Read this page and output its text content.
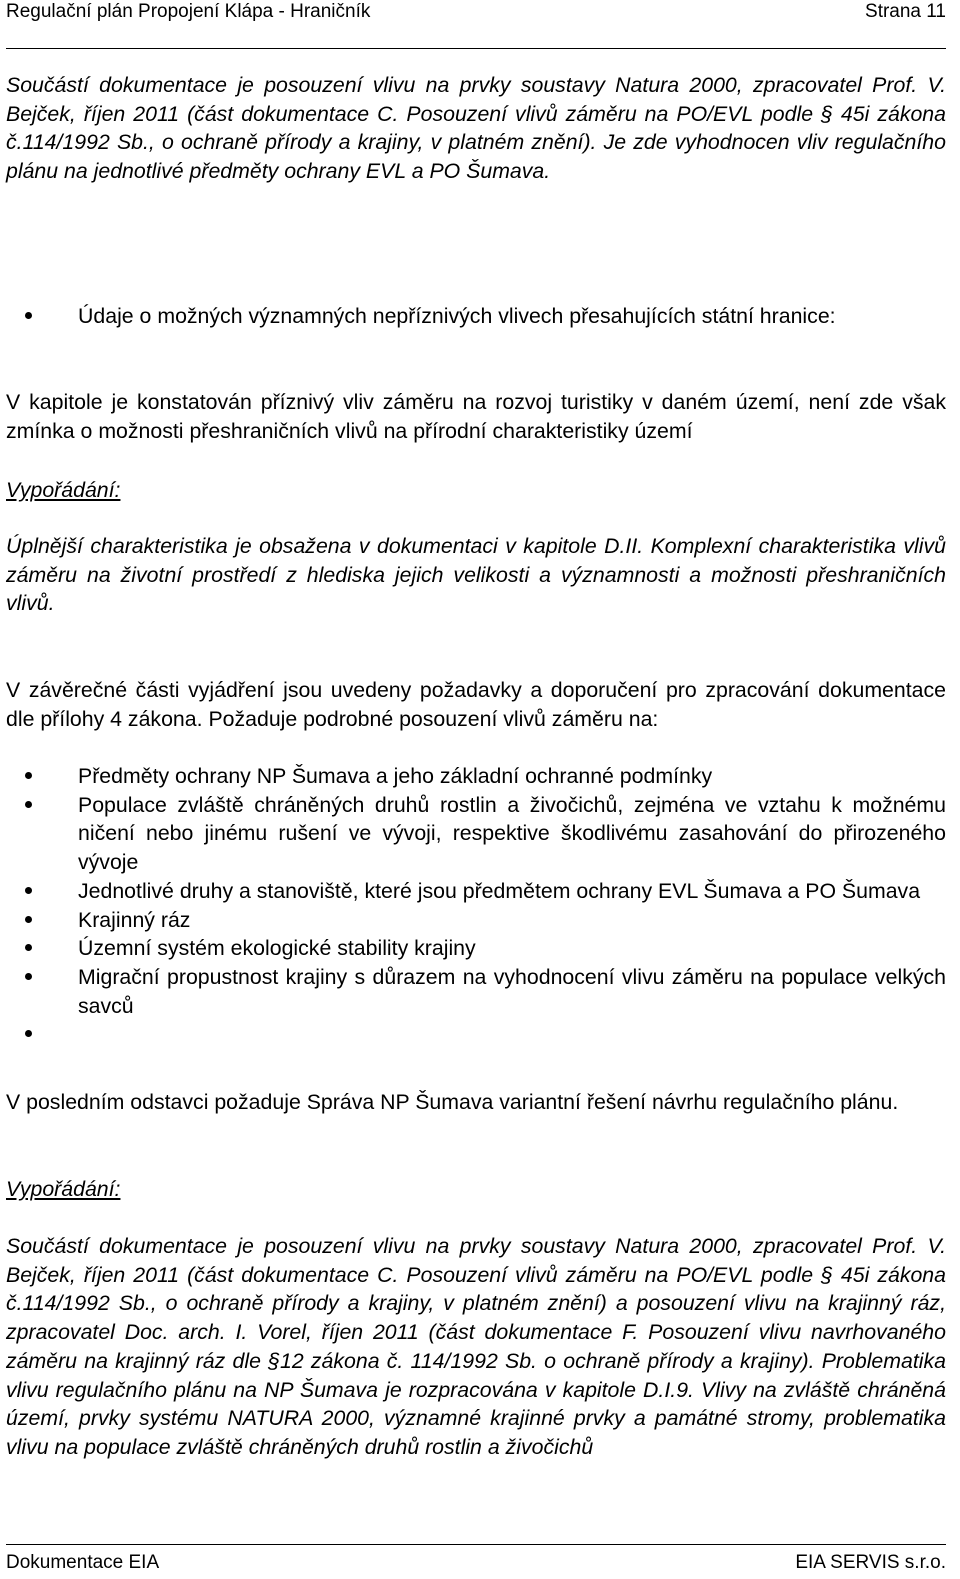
Regulační plán Propojení Klápa - Hraničník	Strana 11
Součástí dokumentace je posouzení vlivu na prvky soustavy Natura 2000, zpracovatel Prof. V. Bejček, říjen 2011 (část dokumentace C. Posouzení vlivů záměru na PO/EVL podle § 45i zákona č.114/1992 Sb., o ochraně přírody a krajiny, v platném znění). Je zde vyhodnocen vliv regulačního plánu na jednotlivé předměty ochrany EVL a PO Šumava.
Údaje o možných významných nepříznivých vlivech přesahujících státní hranice:
V kapitole je konstatován příznivý vliv záměru na rozvoj turistiky v daném území, není zde však zmínka o možnosti přeshraničních vlivů na přírodní charakteristiky území
Vypořádání:
Úplnější charakteristika je obsažena v dokumentaci v kapitole D.II. Komplexní charakteristika vlivů záměru na životní prostředí z hlediska jejich velikosti a významnosti a možnosti přeshraničních vlivů.
V závěrečné části vyjádření jsou uvedeny požadavky a doporučení pro zpracování dokumentace dle přílohy 4 zákona. Požaduje podrobné posouzení vlivů záměru na:
Předměty ochrany NP Šumava a jeho základní ochranné podmínky
Populace zvláště chráněných druhů rostlin a živočichů, zejména ve vztahu k možnému ničení nebo jinému rušení ve vývoji, respektive škodlivému zasahování do přirozeného vývoje
Jednotlivé druhy a stanoviště, které jsou předmětem ochrany EVL Šumava a PO Šumava
Krajinný ráz
Územní systém ekologické stability krajiny
Migrační propustnost krajiny s důrazem na vyhodnocení vlivu záměru na populace velkých savců
V posledním odstavci požaduje Správa NP Šumava variantní řešení návrhu regulačního plánu.
Vypořádání:
Součástí dokumentace je posouzení vlivu na prvky soustavy Natura 2000, zpracovatel Prof. V. Bejček, říjen 2011 (část dokumentace C. Posouzení vlivů záměru na PO/EVL podle § 45i zákona č.114/1992 Sb., o ochraně přírody a krajiny, v platném znění) a posouzení vlivu na krajinný ráz, zpracovatel Doc. arch. I. Vorel, říjen 2011 (část dokumentace F. Posouzení vlivu navrhovaného záměru na krajinný ráz dle §12 zákona č. 114/1992 Sb. o ochraně přírody a krajiny). Problematika vlivu regulačního plánu na NP Šumava je rozpracována v kapitole D.I.9. Vlivy na zvláště chráněná území, prvky systému NATURA 2000, významné krajinné prvky a památné stromy, problematika vlivu na populace zvláště chráněných druhů rostlin a živočichů
Dokumentace EIA	EIA SERVIS s.r.o.
